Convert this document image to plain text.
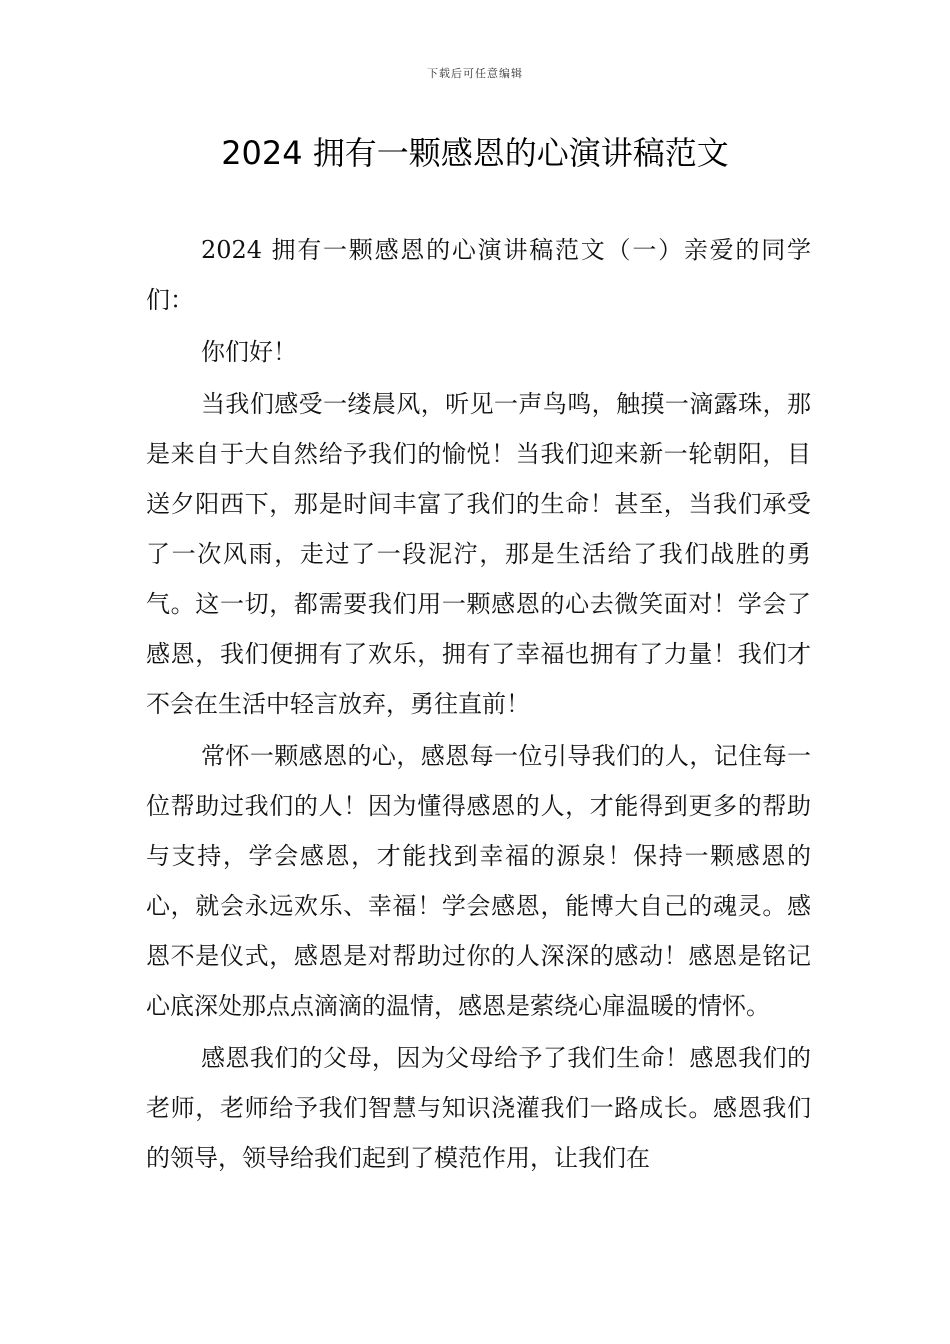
下载后可任意编辑
2024 拥有一颗感恩的心演讲稿范文

2024 拥有一颗感恩的心演讲稿范文（一）亲爱的同学们：

你们好！

当我们感受一缕晨风，听见一声鸟鸣，触摸一滴露珠，那是来自于大自然给予我们的愉悦！当我们迎来新一轮朝阳，目送夕阳西下，那是时间丰富了我们的生命！甚至，当我们承受了一次风雨，走过了一段泥泞，那是生活给了我们战胜的勇气。这一切，都需要我们用一颗感恩的心去微笑面对！学会了感恩，我们便拥有了欢乐，拥有了幸福也拥有了力量！我们才不会在生活中轻言放弃，勇往直前！

常怀一颗感恩的心，感恩每一位引导我们的人，记住每一位帮助过我们的人！因为懂得感恩的人，才能得到更多的帮助与支持，学会感恩，才能找到幸福的源泉！保持一颗感恩的心，就会永远欢乐、幸福！学会感恩，能博大自己的魂灵。感恩不是仪式，感恩是对帮助过你的人深深的感动！感恩是铭记心底深处那点点滴滴的温情，感恩是萦绕心扉温暖的情怀。

感恩我们的父母，因为父母给予了我们生命！感恩我们的老师，老师给予我们智慧与知识浇灌我们一路成长。感恩我们的领导，领导给我们起到了模范作用，让我们在
